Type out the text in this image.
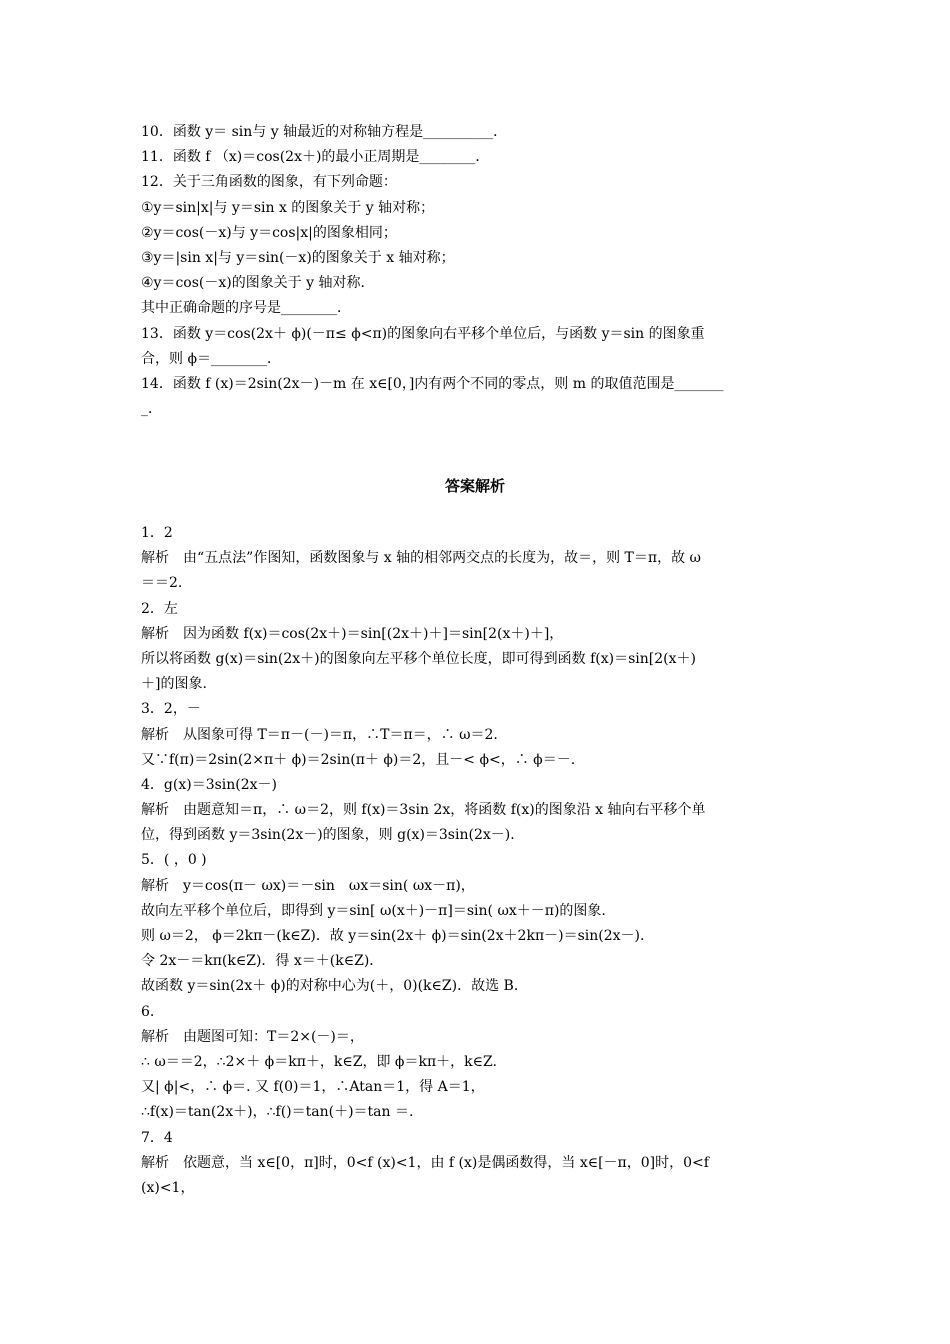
10．函数 y＝ sin与 y 轴最近的对称轴方程是__________．
11．函数 f （x)＝cos(2x＋)的最小正周期是________．
12．关于三角函数的图象，有下列命题：
①y＝sin|x|与 y＝sin x 的图象关于 y 轴对称；
②y＝cos(－x)与 y＝cos|x|的图象相同；
③y＝|sin x|与 y＝sin(－x)的图象关于 x 轴对称；
④y＝cos(－x)的图象关于 y 轴对称．
其中正确命题的序号是________．
13．函数 y＝cos(2x＋ ϕ)(－π≤ ϕ<π)的图象向右平移个单位后，与函数 y＝sin 的图象重
合，则 ϕ＝________．
14．函数 f (x)＝2sin(2x－)－m 在 x∈[0，]内有两个不同的零点，则 m 的取值范围是_______
_．
答案解析
1．2
解析　由“五点法”作图知，函数图象与 x 轴的相邻两交点的长度为，故＝，则 T＝π，故 ω
＝＝2.
2．左
解析　因为函数 f(x)＝cos(2x＋)＝sin[(2x＋)＋]＝sin[2(x＋)＋]，
所以将函数 g(x)＝sin(2x＋)的图象向左平移个单位长度，即可得到函数 f(x)＝sin[2(x＋)
＋]的图象.
3．2，－
解析　从图象可得 T＝π－(－)＝π，∴T＝π＝，∴ ω＝2.
又∵f(π)＝2sin(2×π＋ ϕ)＝2sin(π＋ ϕ)＝2，且－< ϕ<，∴ ϕ＝－.
4．g(x)＝3sin(2x－)
解析　由题意知＝π，∴ ω＝2，则 f(x)＝3sin 2x，将函数 f(x)的图象沿 x 轴向右平移个单
位，得到函数 y＝3sin(2x－)的图象，则 g(x)＝3sin(2x－).
5．( ，0 )
解析　y＝cos(π－ ωx)＝－sin　ωx＝sin( ωx－π)，
故向左平移个单位后，即得到 y＝sin[ ω(x＋)－π]＝sin( ωx＋－π)的图象.
则 ω＝2， ϕ＝2kπ－(k∈Z)．故 y＝sin(2x＋ ϕ)＝sin(2x＋2kπ－)＝sin(2x－).
令 2x－＝kπ(k∈Z)．得 x＝＋(k∈Z)．
故函数 y＝sin(2x＋ ϕ)的对称中心为(＋，0)(k∈Z)．故选 B.
6.
解析　由题图可知：T＝2×(－)＝，
∴ ω＝＝2，∴2×＋ ϕ＝kπ＋，k∈Z，即 ϕ＝kπ＋，k∈Z.
又| ϕ|<，∴ ϕ＝. 又 f(0)＝1，∴Atan＝1，得 A＝1，
∴f(x)＝tan(2x＋)，∴f()＝tan(＋)＝tan ＝.
7．4
解析　依题意，当 x∈[0，π]时，0<f (x)<1，由 f (x)是偶函数得，当 x∈[－π，0]时，0<f
(x)<1，
